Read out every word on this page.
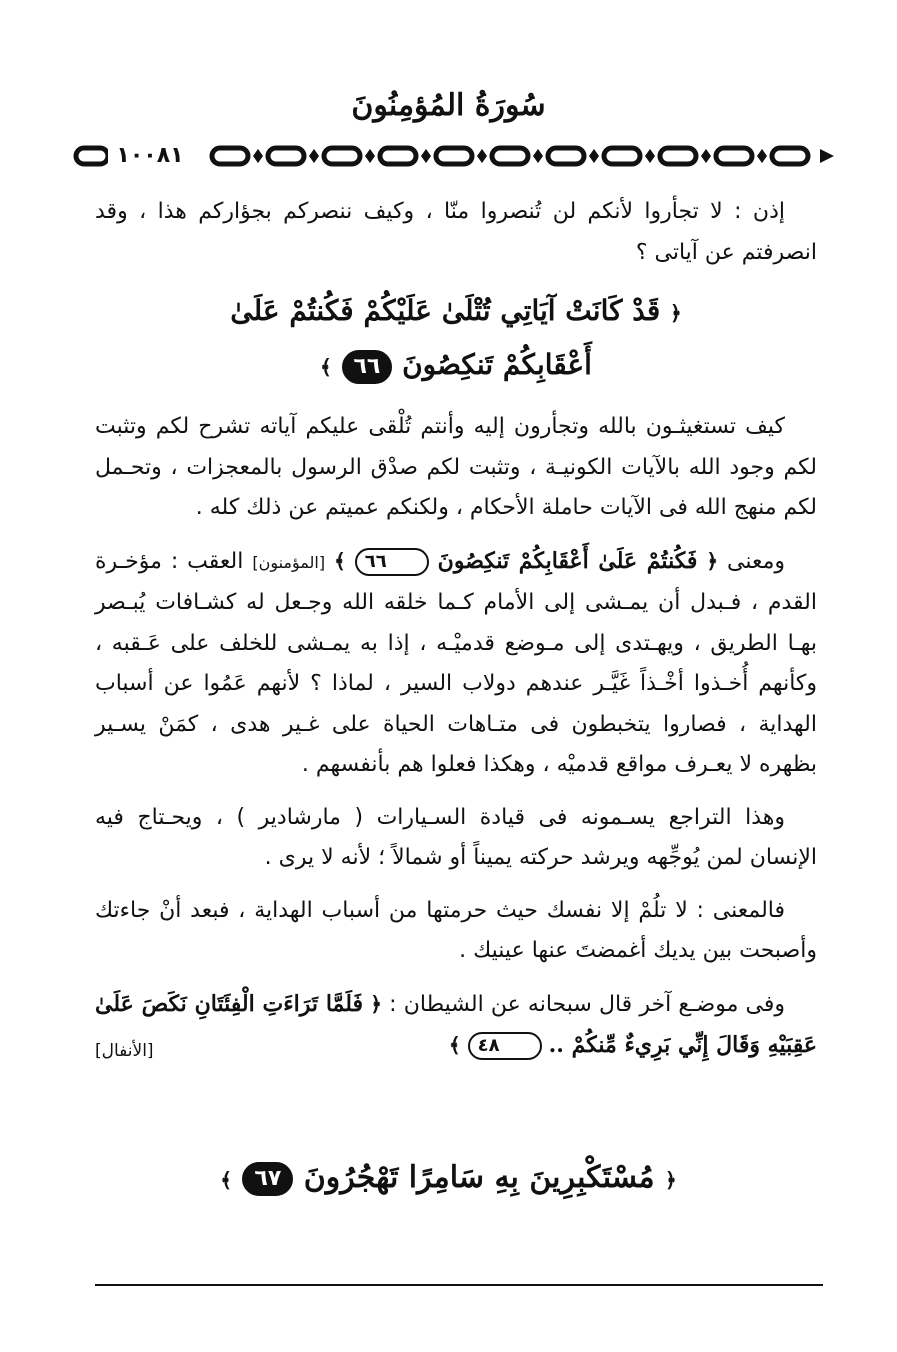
سُورَةُ المُؤمِنُونَ
١٠٠٨١

إذن : لا تجأروا لأنكم لن تُنصروا منّا ، وكيف ننصركم بجؤاركم هذا ، وقد انصرفتم عن آياتى ؟

﴿ قَدْ كَانَتْ آيَاتِي تُتْلَىٰ عَلَيْكُمْ فَكُنتُمْ عَلَىٰ
أَعْقَابِكُمْ تَنكِصُونَ ٦٦ ﴾

كيف تستغيثـون بالله وتجأرون إليه وأنتم تُلْقى عليكم آياته تشرح لكم وتثبت لكم وجود الله بالآيات الكونيـة ، وتثبت لكم صدْق الرسول بالمعجزات ، وتحـمل لكم منهج الله فى الآيات حاملة الأحكام ، ولكنكم عميتم عن ذلك كله .

ومعنى ﴿ فَكُنتُمْ عَلَىٰ أَعْقَابِكُمْ تَنكِصُونَ ٦٦ ﴾ [المؤمنون] العقب : مؤخـرة القدم ، فـبدل أن يمـشى إلى الأمام كـما خلقه الله وجـعل له كشـافات يُبـصر بهـا الطريق ، ويهـتدى إلى مـوضع قدميْـه ، إذا به يمـشى للخلف على عَـقبه ، وكأنهم أُخـذوا أخْـذاً غَيَّـر عندهم دولاب السير ، لماذا ؟ لأنهم عَمُوا عن أسباب الهداية ، فصاروا يتخبطون فى متـاهات الحياة على غـير هدى ، كمَنْ يسـير بظهره لا يعـرف مواقع قدميْه ، وهكذا فعلوا هم بأنفسهم .

وهذا التراجع يسـمونه فى قيادة السـيارات ( مارشادير ) ، ويحـتاج فيه الإنسان لمن يُوجِّهه ويرشد حركته يميناً أو شمالاً ؛ لأنه لا يرى .

فالمعنى : لا تلُمْ إلا نفسك حيث حرمتها من أسباب الهداية ، فبعد أنْ جاءتك وأصبحت بين يديك أغمضتَ عنها عينيك .

وفى موضـع آخر قال سبحانه عن الشيطان : ﴿ فَلَمَّا تَرَاءَتِ الْفِئَتَانِ نَكَصَ عَلَىٰ عَقِبَيْهِ وَقَالَ إِنِّي بَرِيءٌ مِّنكُمْ .. ٤٨ ﴾
[الأنفال]

﴿ مُسْتَكْبِرِينَ بِهِ سَامِرًا تَهْجُرُونَ ٦٧ ﴾
